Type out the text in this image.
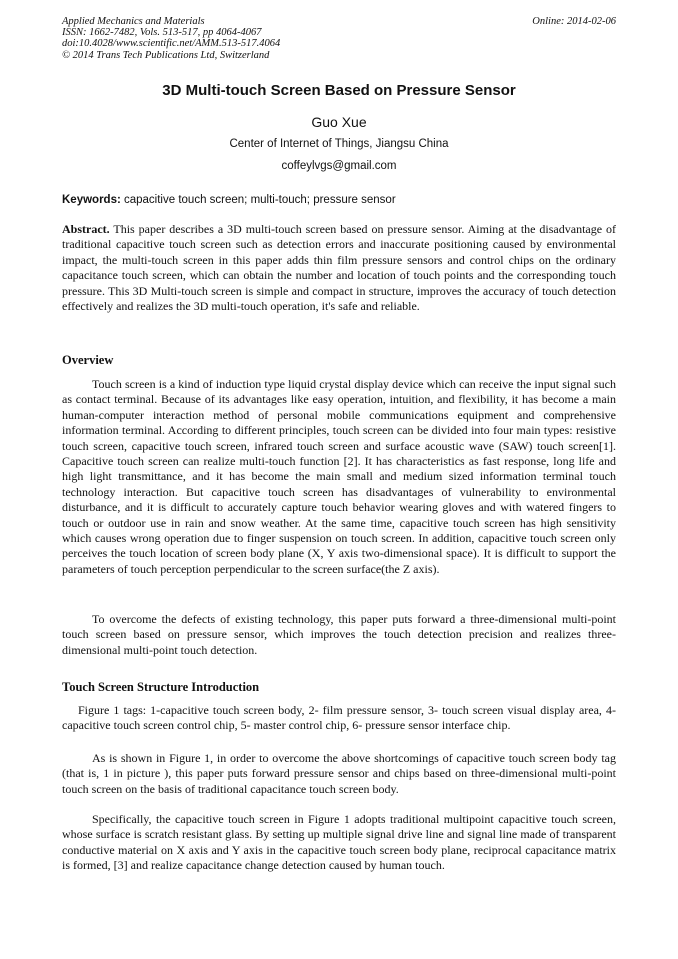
Applied Mechanics and Materials
ISSN: 1662-7482, Vols. 513-517, pp 4064-4067
doi:10.4028/www.scientific.net/AMM.513-517.4064
© 2014 Trans Tech Publications Ltd, Switzerland
Online: 2014-02-06
3D Multi-touch Screen Based on Pressure Sensor
Guo Xue
Center of Internet of Things, Jiangsu China
coffeylvgs@gmail.com
Keywords: capacitive touch screen; multi-touch; pressure sensor
Abstract. This paper describes a 3D multi-touch screen based on pressure sensor. Aiming at the disadvantage of traditional capacitive touch screen such as detection errors and inaccurate positioning caused by environmental impact, the multi-touch screen in this paper adds thin film pressure sensors and control chips on the ordinary capacitance touch screen, which can obtain the number and location of touch points and the corresponding touch pressure. This 3D Multi-touch screen is simple and compact in structure, improves the accuracy of touch detection effectively and realizes the 3D multi-touch operation, it's safe and reliable.
Overview
Touch screen is a kind of induction type liquid crystal display device which can receive the input signal such as contact terminal. Because of its advantages like easy operation, intuition, and flexibility, it has become a main human-computer interaction method of personal mobile communications equipment and comprehensive information terminal. According to different principles, touch screen can be divided into four main types: resistive touch screen, capacitive touch screen, infrared touch screen and surface acoustic wave (SAW) touch screen[1]. Capacitive touch screen can realize multi-touch function [2]. It has characteristics as fast response, long life and high light transmittance, and it has become the main small and medium sized information terminal touch technology interaction. But capacitive touch screen has disadvantages of vulnerability to environmental disturbance, and it is difficult to accurately capture touch behavior wearing gloves and with watered fingers to touch or outdoor use in rain and snow weather. At the same time, capacitive touch screen has high sensitivity which causes wrong operation due to finger suspension on touch screen. In addition, capacitive touch screen only perceives the touch location of screen body plane (X, Y axis two-dimensional space). It is difficult to support the parameters of touch perception perpendicular to the screen surface(the Z axis).
To overcome the defects of existing technology, this paper puts forward a three-dimensional multi-point touch screen based on pressure sensor, which improves the touch detection precision and realizes three-dimensional multi-point touch detection.
Touch Screen Structure Introduction
Figure 1 tags: 1-capacitive touch screen body, 2- film pressure sensor, 3- touch screen visual display area, 4-capacitive touch screen control chip, 5- master control chip, 6- pressure sensor interface chip.
As is shown in Figure 1, in order to overcome the above shortcomings of capacitive touch screen body tag (that is, 1 in picture ), this paper puts forward pressure sensor and chips based on three-dimensional multi-point touch screen on the basis of traditional capacitance touch screen body.
Specifically, the capacitive touch screen in Figure 1 adopts traditional multipoint capacitive touch screen, whose surface is scratch resistant glass. By setting up multiple signal drive line and signal line made of transparent conductive material on X axis and Y axis in the capacitive touch screen body plane, reciprocal capacitance matrix is formed, [3] and realize capacitance change detection caused by human touch.
